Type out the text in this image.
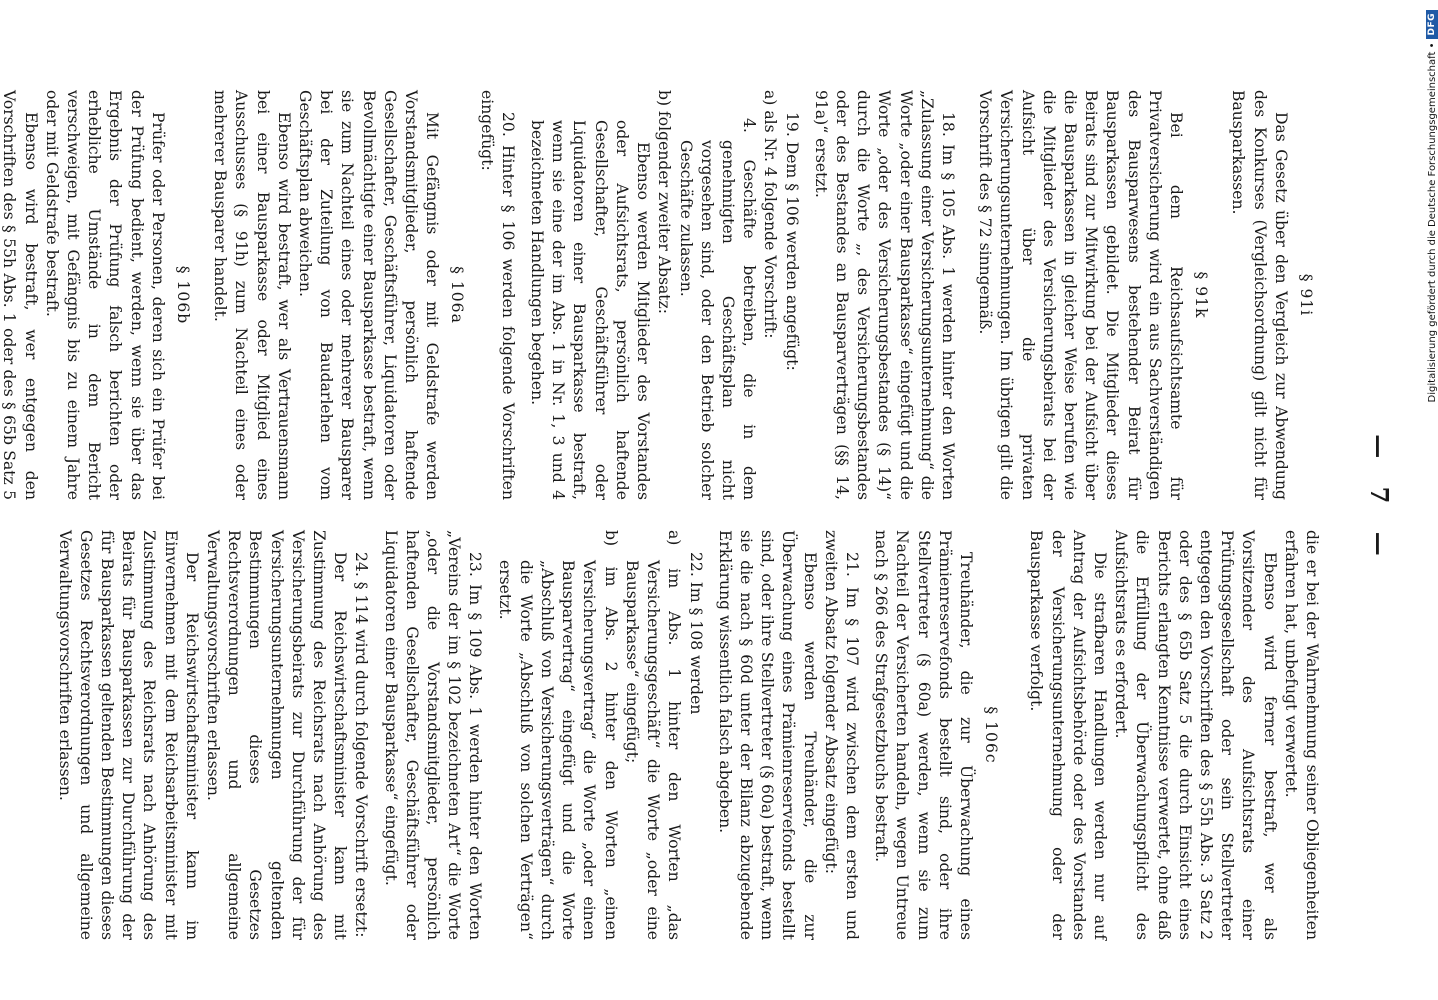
— 7 —
§ 91i

Das Gesetz über den Vergleich zur Abwendung des Konkurses (Vergleichsordnung) gilt nicht für Bausparkassen.

§ 91k

Bei dem Reichsaufsichtsamte für Privatversicherung wird ein aus Sachverständigen des Bausparwesens bestehender Beirat für Bausparkassen gebildet. Die Mitglieder dieses Beirats sind zur Mitwirkung bei der Aufsicht über die Bausparkassen in gleicher Weise berufen wie die Mitglieder des Versicherungsbeirats bei der Aufsicht über die privaten Versicherungsunternehmungen. Im übrigen gilt die Vorschrift des § 72 sinngemäß.

18. Im § 105 Abs. 1 werden hinter den Worten „Zulassung einer Versicherungsunternehmung“ die Worte „oder einer Bausparkasse“ eingefügt und die Worte „oder des Versicherungsbestandes (§ 14)“ durch die Worte „, des Versicherungsbestandes oder des Bestandes an Bausparverträgen (§§ 14, 91a)“ ersetzt.

19. Dem § 106 werden angefügt:

a) als Nr. 4 folgende Vorschrift:

4. Geschäfte betreiben, die in dem genehmigten Geschäftsplan nicht vorgesehen sind, oder den Betrieb solcher Geschäfte zulassen.

b) folgender zweiter Absatz:

Ebenso werden Mitglieder des Vorstandes oder Aufsichtsrats, persönlich haftende Gesellschafter, Geschäftsführer oder Liquidatoren einer Bausparkasse bestraft, wenn sie eine der im Abs. 1 in Nr. 1, 3 und 4 bezeichneten Handlungen begehen.

20. Hinter § 106 werden folgende Vorschriften eingefügt:

§ 106a

Mit Gefängnis oder mit Geldstrafe werden Vorstandsmitglieder, persönlich haftende Gesellschafter, Geschäftsführer, Liquidatoren oder Bevollmächtigte einer Bausparkasse bestraft, wenn sie zum Nachteil eines oder mehrerer Bausparer bei der Zuteilung von Baudarlehen vom Geschäftsplan abweichen.

Ebenso wird bestraft, wer als Vertrauensmann bei einer Bausparkasse oder Mitglied eines Ausschusses (§ 91h) zum Nachteil eines oder mehrerer Bausparer handelt.

§ 106b

Prüfer oder Personen, deren sich ein Prüfer bei der Prüfung bedient, werden, wenn sie über das Ergebnis der Prüfung falsch berichten oder erhebliche Umstände in dem Bericht verschweigen, mit Gefängnis bis zu einem Jahre oder mit Geldstrafe bestraft.

Ebenso wird bestraft, wer entgegen den Vorschriften des § 55h Abs. 1 oder des § 65b Satz 5

die er bei der Wahrnehmung seiner Obliegenheiten erfahren hat, unbefugt verwertet.

Ebenso wird ferner bestraft, wer als Vorsitzender des Aufsichtsrats einer Prüfungsgesellschaft oder sein Stellvertreter entgegen den Vorschriften des § 55h Abs. 3 Satz 2 oder des § 65b Satz 5 die durch Einsicht eines Berichts erlangten Kenntnisse verwertet, ohne daß die Erfüllung der Überwachungspflicht des Aufsichtsrats es erfordert.

Die strafbaren Handlungen werden nur auf Antrag der Aufsichtsbehörde oder des Vorstandes der Versicherungsunternehmung oder der Bausparkasse verfolgt.

§ 106c

Treuhänder, die zur Überwachung eines Prämienreservefonds bestellt sind, oder ihre Stellvertreter (§ 60a) werden, wenn sie zum Nachteil der Versicherten handeln, wegen Untreue nach § 266 des Strafgesetzbuchs bestraft.

21. Im § 107 wird zwischen dem ersten und zweiten Absatz folgender Absatz eingefügt:

Ebenso werden Treuhänder, die zur Überwachung eines Prämienreservefonds bestellt sind, oder ihre Stellvertreter (§ 60a) bestraft, wenn sie die nach § 60d unter der Bilanz abzugebende Erklärung wissentlich falsch abgeben.

22. Im § 108 werden

a) im Abs. 1 hinter den Worten „das Versicherungsgeschäft“ die Worte „oder eine Bausparkasse“ eingefügt;

b) im Abs. 2 hinter den Worten „einen Versicherungsvertrag“ die Worte „oder einen Bausparvertrag“ eingefügt und die Worte „Abschluß von Versicherungsverträgen“ durch die Worte „Abschluß von solchen Verträgen“ ersetzt.

23. Im § 109 Abs. 1 werden hinter den Worten „Vereins der im § 102 bezeichneten Art“ die Worte „oder die Vorstandsmitglieder, persönlich haftenden Gesellschafter, Geschäftsführer oder Liquidatoren einer Bausparkasse“ eingefügt.

24. § 114 wird durch folgende Vorschrift ersetzt:

Der Reichswirtschaftsminister kann mit Zustimmung des Reichsrats nach Anhörung des Versicherungsbeirats zur Durchführung der für Versicherungsunternehmungen geltenden Bestimmungen dieses Gesetzes Rechtsverordnungen und allgemeine Verwaltungsvorschriften erlassen.

Der Reichswirtschaftsminister kann im Einvernehmen mit dem Reichsarbeitsminister mit Zustimmung des Reichsrats nach Anhörung des Beirats für Bausparkassen zur Durchführung der für Bausparkassen geltenden Bestimmungen dieses Gesetzes Rechtsverordnungen und allgemeine Verwaltungsvorschriften erlassen.

Digitalisierung gefördert durch die Deutsche Forschungsgemeinschaft •
DFG
